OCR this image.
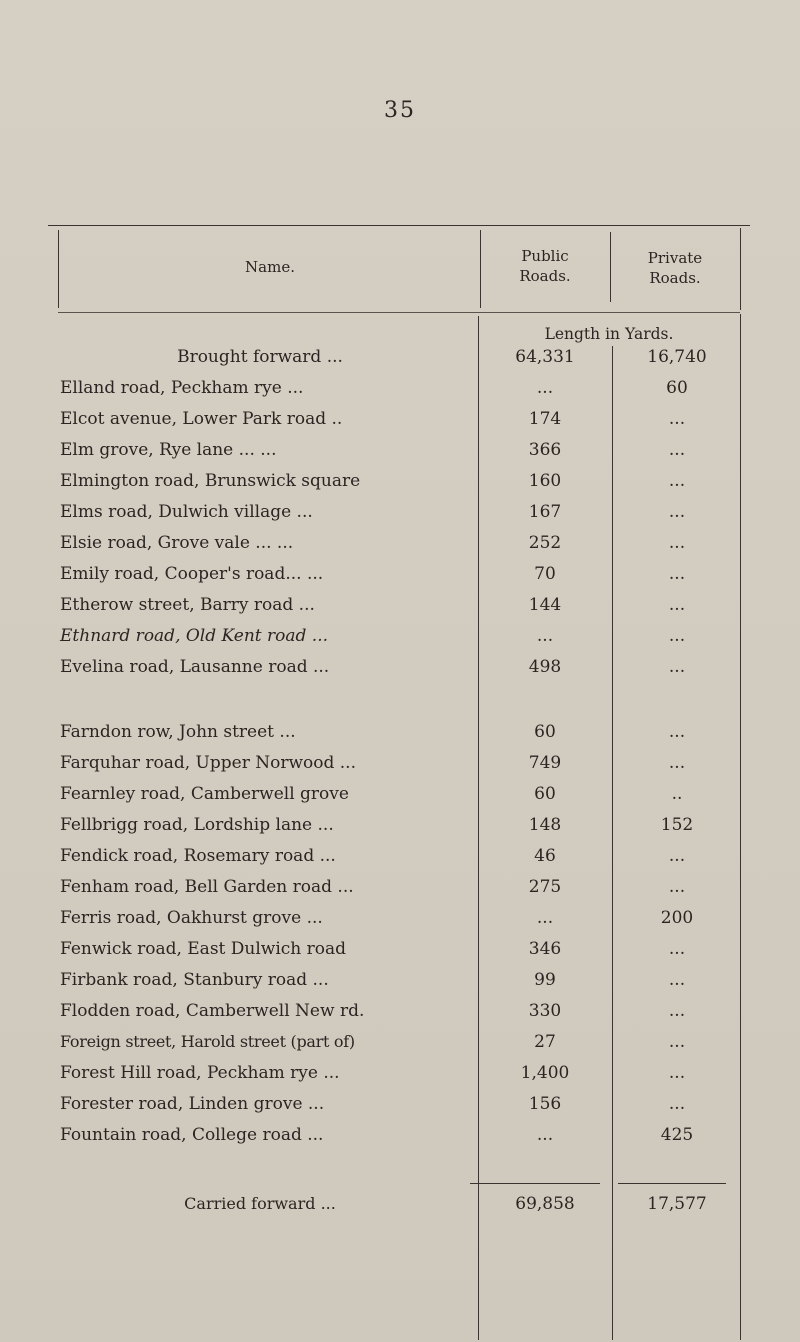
35
Name.
Public
Roads.
Private
Roads.
Length in Yards.
Brought forward ...	64,331	16,740
Elland road, Peckham rye ...	...	60
Elcot avenue, Lower Park road ..	174	...
Elm grove, Rye lane ... ...	366	...
Elmington road, Brunswick square	160	...
Elms road, Dulwich village ...	167	...
Elsie road, Grove vale ... ...	252	...
Emily road, Cooper's road... ...	70	...
Etherow street, Barry road ...	144	...
Ethnard road, Old Kent road ...	...	...
Evelina road, Lausanne road ...	498	...
Farndon row, John street ...	60	...
Farquhar road, Upper Norwood ...	749	...
Fearnley road, Camberwell grove	60	..
Fellbrigg road, Lordship lane ...	148	152
Fendick road, Rosemary road ...	46	...
Fenham road, Bell Garden road ...	275	...
Ferris road, Oakhurst grove ...	...	200
Fenwick road, East Dulwich road	346	...
Firbank road, Stanbury road ...	99	...
Flodden road, Camberwell New rd.	330	...
Foreign street, Harold street (part of)	27	...
Forest Hill road, Peckham rye ...	1,400	...
Forester road, Linden grove ...	156	...
Fountain road, College road ...	...	425
Carried forward ...	69,858	17,577
